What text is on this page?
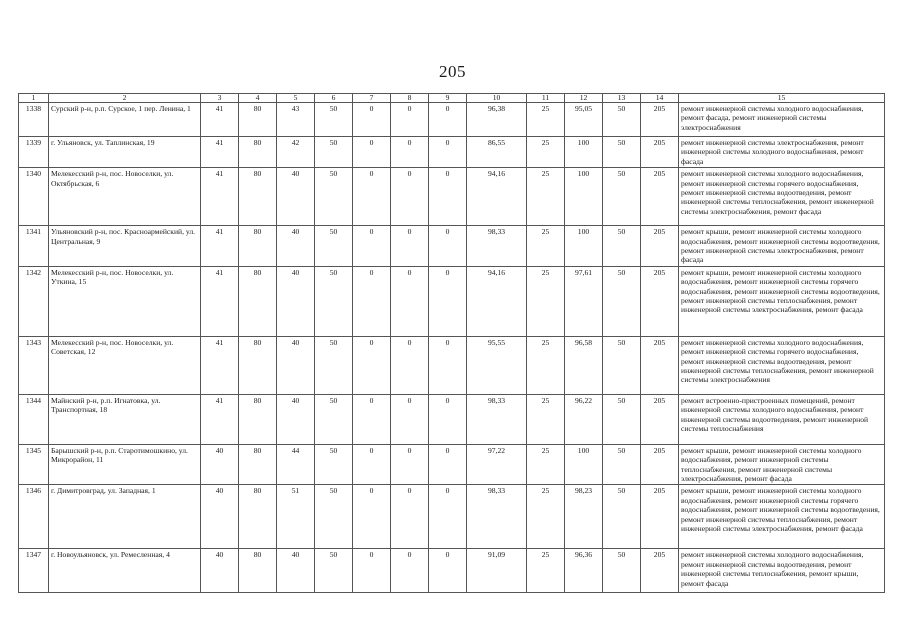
205
1	2	3	4	5	6	7	8	9	10	11	12	13	14	15
1338	Сурский р-н, р.п. Сурское, 1 пер. Ленина, 1	41	80	43	50	0	0	0	96,38	25	95,05	50	205	ремонт инженерной системы холодного водоснабжения, ремонт фасада, ремонт инженерной системы электроснабжения
1339	г. Ульяновск, ул. Таплинская, 19	41	80	42	50	0	0	0	86,55	25	100	50	205	ремонт инженерной системы электроснабжения, ремонт инженерной системы холодного водоснабжения, ремонт фасада
1340	Мелекесский р-н, пос. Новоселки, ул. Октябрьская, 6	41	80	40	50	0	0	0	94,16	25	100	50	205	ремонт инженерной системы холодного водоснабжения, ремонт инженерной системы горячего водоснабжения, ремонт инженерной системы водоотведения, ремонт инженерной системы теплоснабжения, ремонт инженерной системы электроснабжения, ремонт фасада
1341	Ульяновский р-н, пос. Красноармейский, ул. Центральная, 9	41	80	40	50	0	0	0	98,33	25	100	50	205	ремонт крыши, ремонт инженерной системы холодного водоснабжения, ремонт инженерной системы водоотведения, ремонт инженерной системы электроснабжения, ремонт фасада
1342	Мелекесский р-н, пос. Новоселки, ул. Уткина, 15	41	80	40	50	0	0	0	94,16	25	97,61	50	205	ремонт крыши, ремонт инженерной системы холодного водоснабжения, ремонт инженерной системы горячего водоснабжения, ремонт инженерной системы водоотведения, ремонт инженерной системы теплоснабжения, ремонт инженерной системы электроснабжения, ремонт фасада
1343	Мелекесский р-н, пос. Новоселки, ул. Советская, 12	41	80	40	50	0	0	0	95,55	25	96,58	50	205	ремонт инженерной системы холодного водоснабжения, ремонт инженерной системы горячего водоснабжения, ремонт инженерной системы водоотведения, ремонт инженерной системы теплоснабжения, ремонт инженерной системы электроснабжения
1344	Майнский р-н, р.п. Игнатовка, ул. Транспортная, 18	41	80	40	50	0	0	0	98,33	25	96,22	50	205	ремонт встроенно-пристроенных помещений, ремонт инженерной системы холодного водоснабжения, ремонт инженерной системы водоотведения, ремонт инженерной системы теплоснабжения
1345	Барышский р-н, р.п. Старотимошкино, ул. Микрорайон, 11	40	80	44	50	0	0	0	97,22	25	100	50	205	ремонт крыши, ремонт инженерной системы холодного водоснабжения, ремонт инженерной системы теплоснабжения, ремонт инженерной системы электроснабжения, ремонт фасада
1346	г. Димитровград, ул. Западная, 1	40	80	51	50	0	0	0	98,33	25	98,23	50	205	ремонт крыши, ремонт инженерной системы холодного водоснабжения, ремонт инженерной системы горячего водоснабжения, ремонт инженерной системы водоотведения, ремонт инженерной системы теплоснабжения, ремонт инженерной системы электроснабжения, ремонт фасада
1347	г. Новоульяновск, ул. Ремесленная, 4	40	80	40	50	0	0	0	91,09	25	96,36	50	205	ремонт инженерной системы холодного водоснабжения, ремонт инженерной системы водоотведения, ремонт инженерной системы теплоснабжения, ремонт крыши, ремонт фасада
